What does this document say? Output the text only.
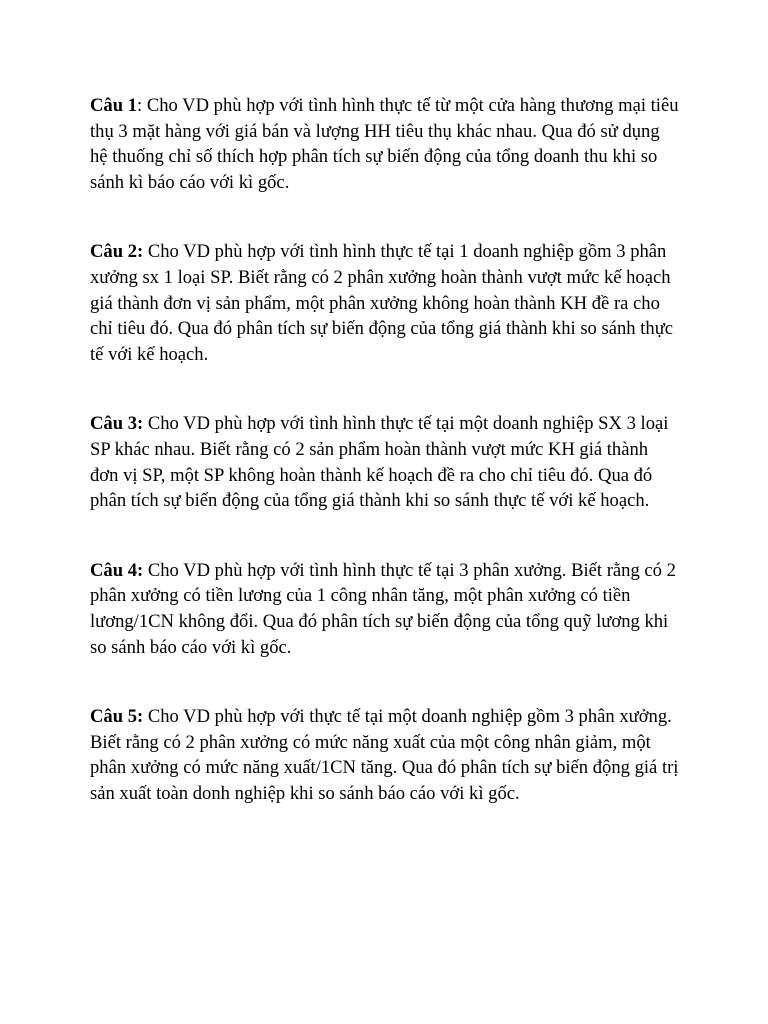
Câu 1: Cho VD phù hợp với tình hình thực tế từ một cửa hàng thương mại tiêu thụ 3 mặt hàng với giá bán và lượng HH tiêu thụ khác nhau. Qua đó sử dụng hệ thuống chỉ số thích hợp phân tích sự biến động của tổng doanh thu khi so sánh kì báo cáo với kì gốc.

Câu 2: Cho VD phù hợp với tình hình thực tế tại 1 doanh nghiệp gồm 3 phân xưởng sx 1 loại SP. Biết rằng có 2 phân xưởng hoàn thành vượt mức kế hoạch giá thành đơn vị sản phẩm, một phân xưởng không hoàn thành KH đề ra cho chỉ tiêu đó. Qua đó phân tích sự biến động của tổng giá thành khi so sánh thực tế với kế hoạch.

Câu 3: Cho VD phù hợp với tình hình thực tế tại một doanh nghiệp SX 3 loại SP khác nhau. Biết rằng có 2 sản phẩm hoàn thành vượt mức KH giá thành đơn vị SP, một SP không hoàn thành kế hoạch đề ra cho chỉ tiêu đó. Qua đó phân tích sự biến động của tổng giá thành khi so sánh thực tế với kế hoạch.

Câu 4: Cho VD phù hợp với tình hình thực tế tại 3 phân xưởng. Biết rằng có 2 phân xưởng có tiền lương của 1 công nhân tăng, một phân xưởng có tiền lương/1CN không đổi. Qua đó phân tích sự biến động của tổng quỹ lương khi so sánh báo cáo với kì gốc.

Câu 5: Cho VD phù hợp với thực tế tại một doanh nghiệp gồm 3 phân xưởng. Biết rằng có 2 phân xưởng có mức năng xuất của một công nhân giảm, một phân xưởng có mức năng xuất/1CN tăng. Qua đó phân tích sự biến động giá trị sản xuất toàn donh nghiệp khi so sánh báo cáo với kì gốc.
